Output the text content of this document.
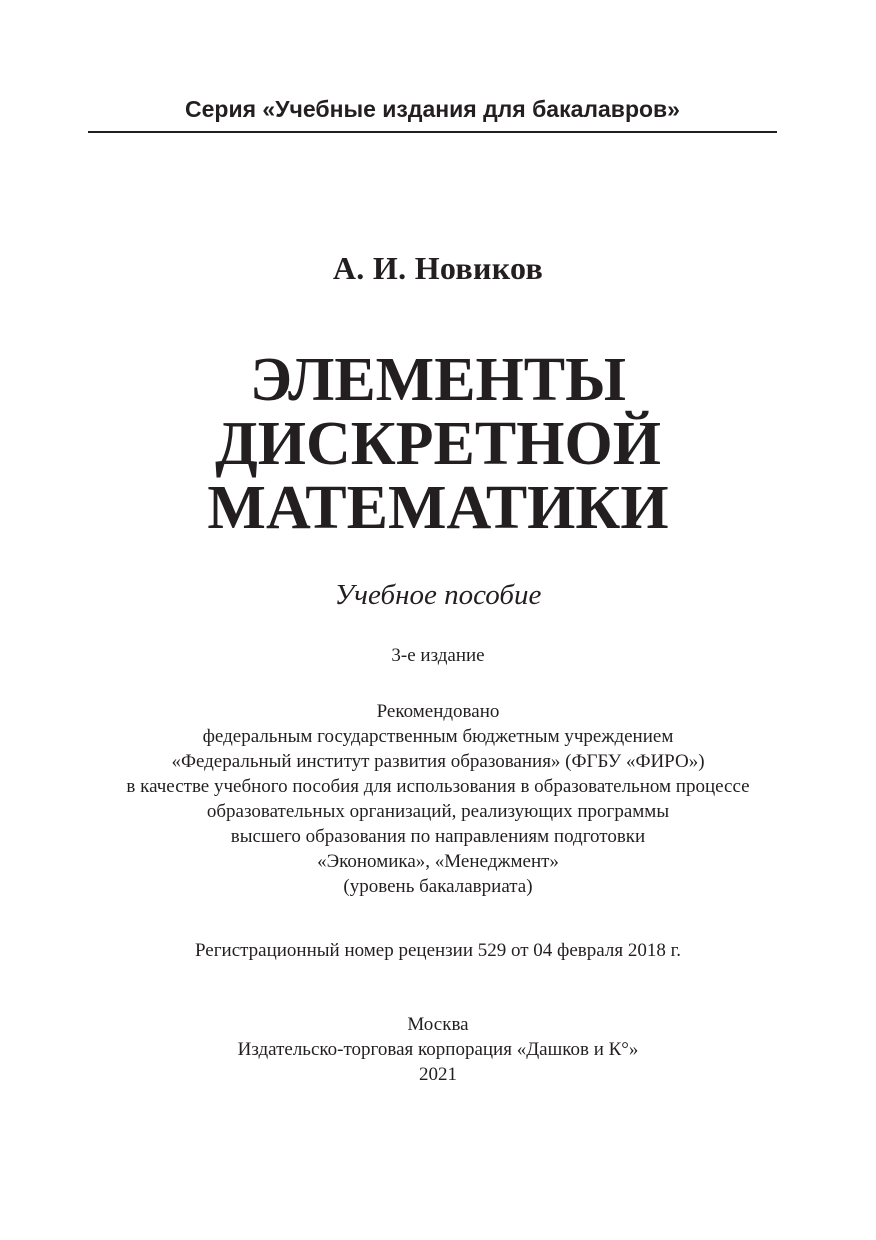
Серия «Учебные издания для бакалавров»
А. И. Новиков
ЭЛЕМЕНТЫ
ДИСКРЕТНОЙ
МАТЕМАТИКИ
Учебное пособие
3-е издание
Рекомендовано
федеральным государственным бюджетным учреждением
«Федеральный институт развития образования» (ФГБУ «ФИРО»)
в качестве учебного пособия для использования в образовательном процессе
образовательных организаций, реализующих программы
высшего образования по направлениям подготовки
«Экономика», «Менеджмент»
(уровень бакалавриата)
Регистрационный номер рецензии 529 от 04 февраля 2018 г.
Москва
Издательско-торговая корпорация «Дашков и К°»
2021
